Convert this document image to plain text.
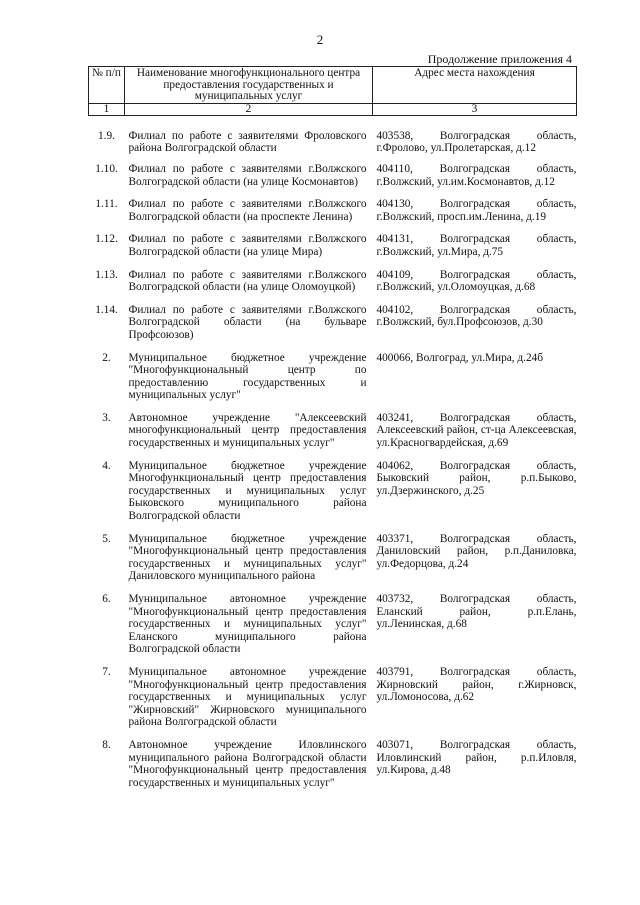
2
Продолжение приложения 4
№ п/п	Наименование многофункционального центра предоставления государственных и муниципальных услуг	Адрес места нахождения
1	2	3

1.9.	Филиал по работе с заявителями Фроловского района Волгоградской области	403538, Волгоградская область, г.Фролово, ул.Пролетарская, д.12

1.10.	Филиал по работе с заявителями г.Волжского Волгоградской области (на улице Космонавтов)	404110, Волгоградская область, г.Волжский, ул.им.Космонавтов, д.12

1.11.	Филиал по работе с заявителями г.Волжского Волгоградской области (на проспекте Ленина)	404130, Волгоградская область, г.Волжский, просп.им.Ленина, д.19

1.12.	Филиал по работе с заявителями г.Волжского Волгоградской области (на улице Мира)	404131, Волгоградская область, г.Волжский, ул.Мира, д.75

1.13.	Филиал по работе с заявителями г.Волжского Волгоградской области (на улице Оломоуцкой)	404109, Волгоградская область, г.Волжский, ул.Оломоуцкая, д.68

1.14.	Филиал по работе с заявителями г.Волжского Волгоградской области (на бульваре Профсоюзов)	404102, Волгоградская область, г.Волжский, бул.Профсоюзов, д.30

2.	Муниципальное бюджетное учреждение "Многофункциональный центр по предоставлению государственных и муниципальных услуг"	400066, Волгоград, ул.Мира, д.24б

3.	Автономное учреждение "Алексеевский многофункциональный центр предоставления государственных и муниципальных услуг"	403241, Волгоградская область, Алексеевский район, ст-ца Алексеевская, ул.Красногвардейская, д.69

4.	Муниципальное бюджетное учреждение Многофункциональный центр предоставления государственных и муниципальных услуг Быковского муниципального района Волгоградской области	404062, Волгоградская область, Быковский район, р.п.Быково, ул.Дзержинского, д.25

5.	Муниципальное бюджетное учреждение "Многофункциональный центр предоставления государственных и муниципальных услуг" Даниловского муниципального района	403371, Волгоградская область, Даниловский район, р.п.Даниловка, ул.Федорцова, д.24

6.	Муниципальное автономное учреждение "Многофункциональный центр предоставления государственных и муниципальных услуг" Еланского муниципального района Волгоградской области	403732, Волгоградская область, Еланский район, р.п.Елань, ул.Ленинская, д.68

7.	Муниципальное автономное учреждение "Многофункциональный центр предоставления государственных и муниципальных услуг "Жирновский" Жирновского муниципального района Волгоградской области	403791, Волгоградская область, Жирновский район, г.Жирновск, ул.Ломоносова, д.62

8.	Автономное учреждение Иловлинского муниципального района Волгоградской области "Многофункциональный центр предоставления государственных и муниципальных услуг"	403071, Волгоградская область, Иловлинский район, р.п.Иловля, ул.Кирова, д.48
